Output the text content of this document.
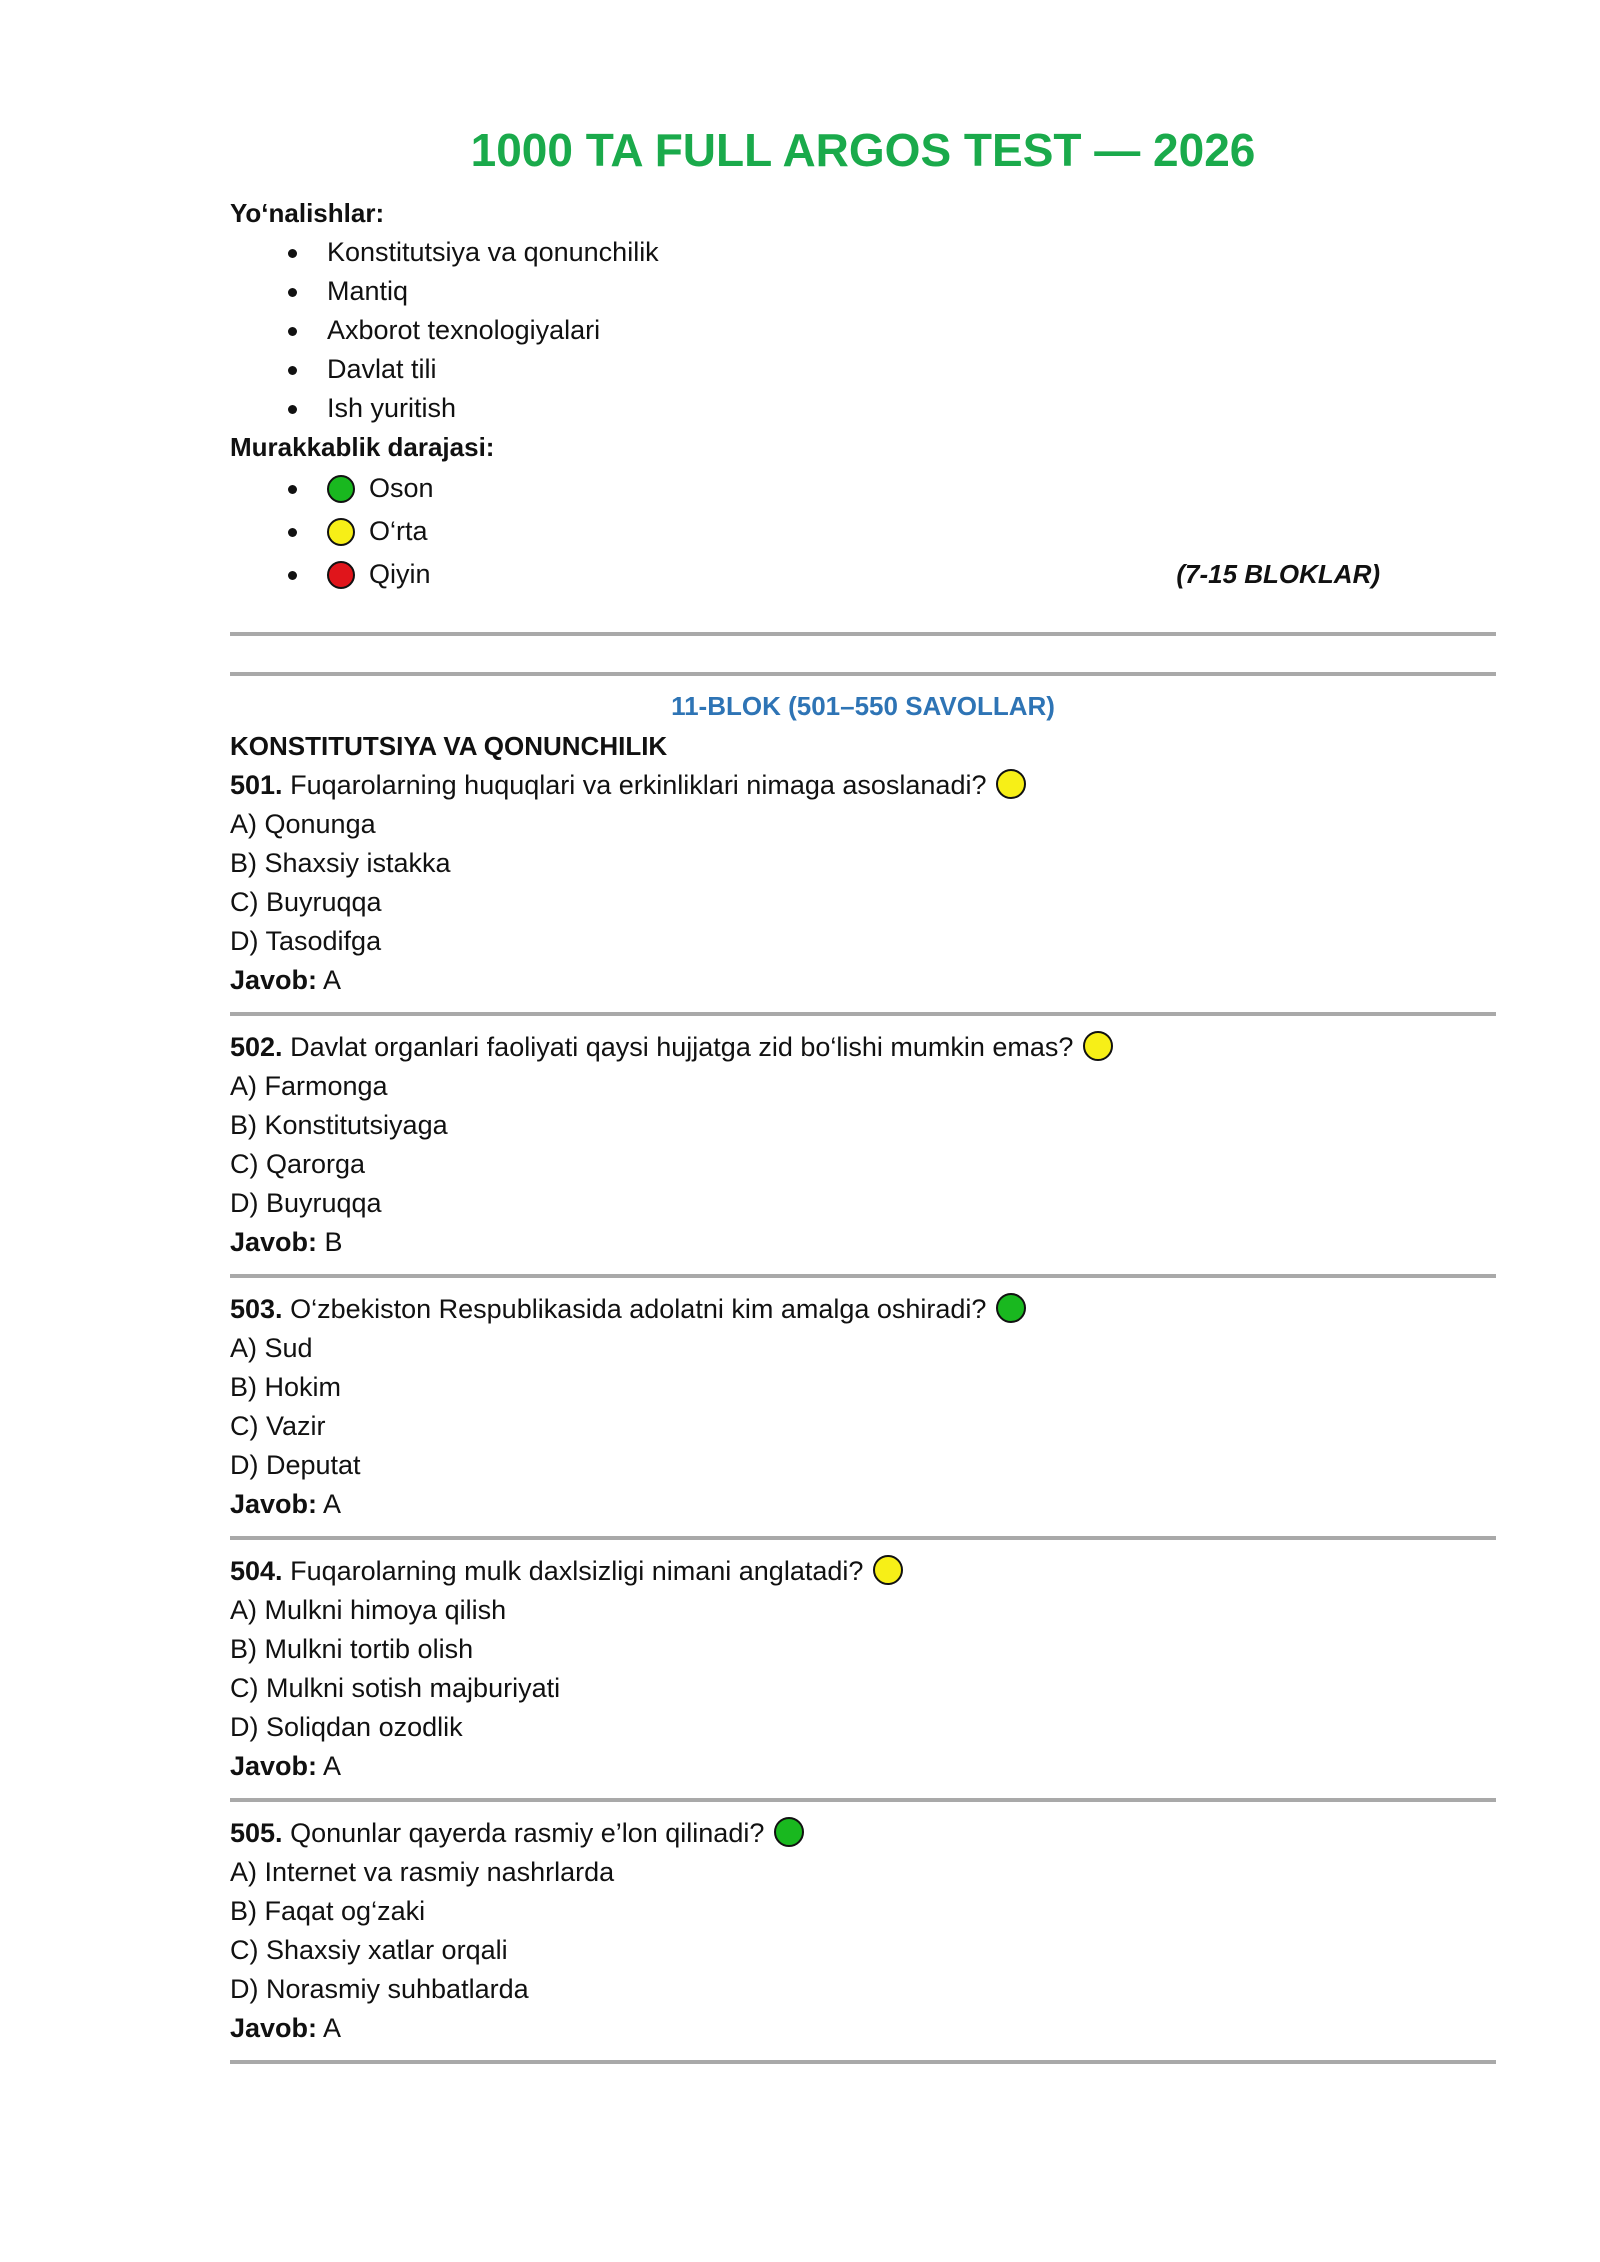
1000 TA FULL ARGOS TEST — 2026

Yo‘nalishlar:

Konstitutsiya va qonunchilik
Mantiq
Axborot texnologiyalari
Davlat tili
Ish yuritish

Murakkablik darajasi:

Oson
O‘rta
Qiyin	(7-15 BLOKLAR)

11-BLOK (501–550 SAVOLLAR)

KONSTITUTSIYA VA QONUNCHILIK

501. Fuqarolarning huquqlari va erkinliklari nimaga asoslanadi?

A) Qonunga

B) Shaxsiy istakka

C) Buyruqqa

D) Tasodifga

Javob: A

502. Davlat organlari faoliyati qaysi hujjatga zid bo‘lishi mumkin emas?

A) Farmonga

B) Konstitutsiyaga

C) Qarorga

D) Buyruqqa

Javob: B

503. O‘zbekiston Respublikasida adolatni kim amalga oshiradi?

A) Sud

B) Hokim

C) Vazir

D) Deputat

Javob: A

504. Fuqarolarning mulk daxlsizligi nimani anglatadi?

A) Mulkni himoya qilish

B) Mulkni tortib olish

C) Mulkni sotish majburiyati

D) Soliqdan ozodlik

Javob: A

505. Qonunlar qayerda rasmiy e’lon qilinadi?

A) Internet va rasmiy nashrlarda

B) Faqat og‘zaki

C) Shaxsiy xatlar orqali

D) Norasmiy suhbatlarda

Javob: A
